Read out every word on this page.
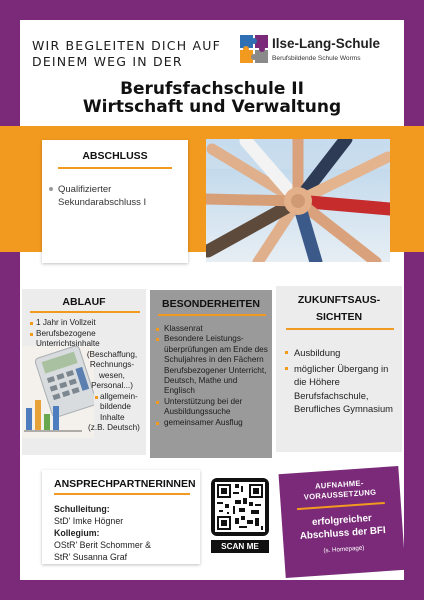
WIR BEGLEITEN DICH AUF DEINEM WEG IN DER
Ilse-Lang-Schule
Berufsbildende Schule Worms
Berufsfachschule II
Wirtschaft und Verwaltung
ABSCHLUSS
Qualifizierter Sekundarabschluss I
ABLAUF
1 Jahr in Vollzeit
Berufsbezogene Unterrichtsinhalte
(Beschaffung, Rechnungs- wesen, Personal...)
allgemein- bildende Inhalte
(z.B. Deutsch)
BESONDERHEITEN
Klassenrat
Besondere Leistungs- überprüfungen am Ende des Schuljahres in den Fächern Berufsbezogener Unterricht, Deutsch, Mathe und Englisch
Unterstützung bei der Ausbildungssuche
gemeinsamer Ausflug
ZUKUNFTSAUS-
SICHTEN
Ausbildung
möglicher Übergang in die Höhere Berufsfachschule, Berufliches Gymnasium
ANSPRECHPARTNERINNEN
Schulleitung:
StD' Imke Högner
Kollegium:
OStR' Berit Schommer &
StR' Susanna Graf
SCAN ME
AUFNAHME-
VORAUSSETZUNG
erfolgreicher
Abschluss der BFI
(s. Homepage)
